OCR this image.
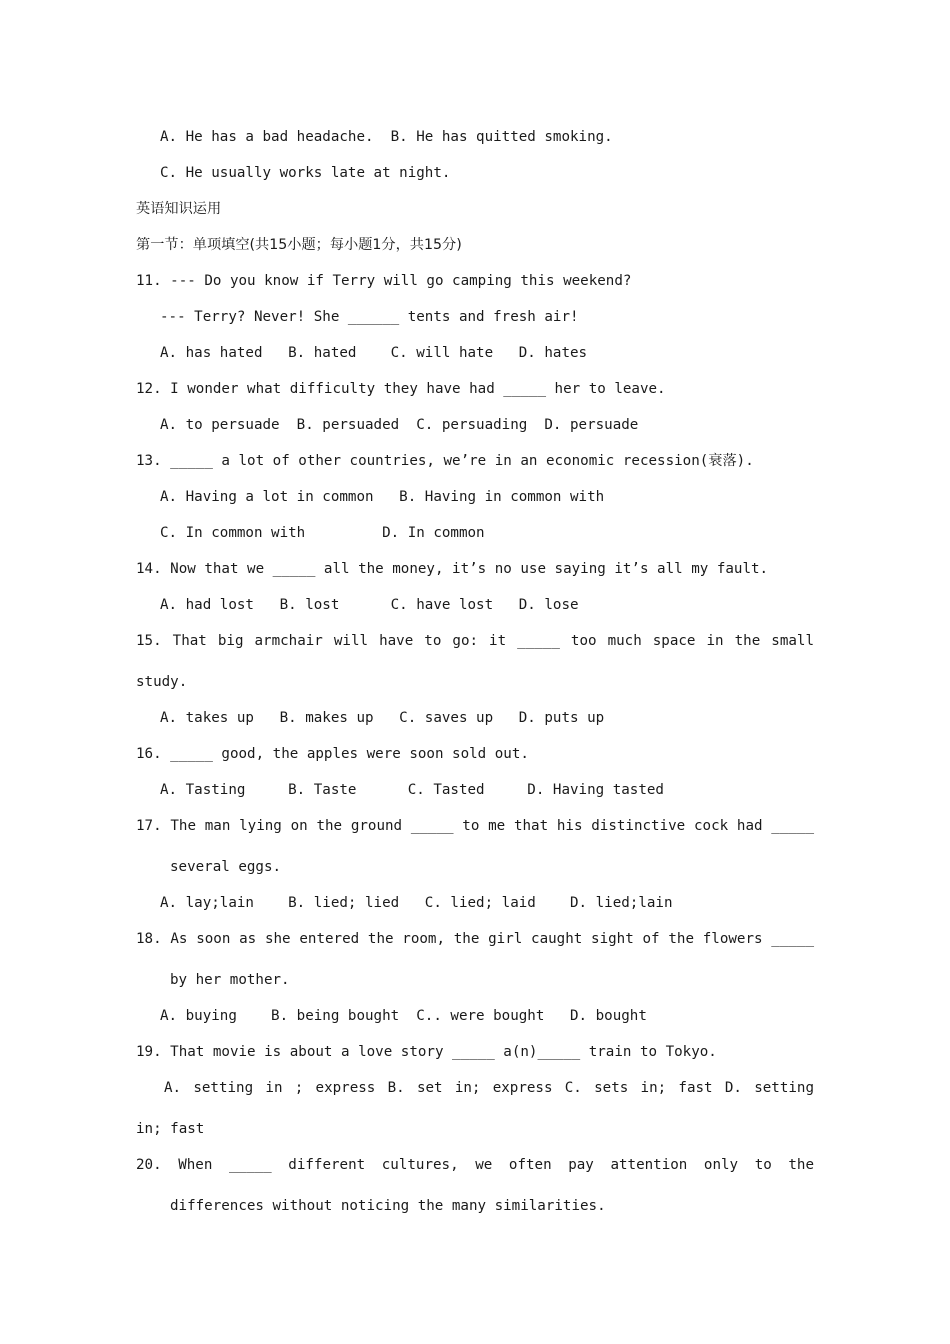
A. He has a bad headache.  B. He has quitted smoking.
C. He usually works late at night.
英语知识运用
第一节：单项填空(共15小题；每小题1分，共15分)
11. --- Do you know if Terry will go camping this weekend?
--- Terry? Never! She ______ tents and fresh air!
A. has hated   B. hated    C. will hate   D. hates
12. I wonder what difficulty they have had _____ her to leave.
A. to persuade  B. persuaded  C. persuading  D. persuade
13. _____ a lot of other countries, we’re in an economic recession(衰落).
A. Having a lot in common   B. Having in common with
C. In common with         D. In common
14. Now that we _____ all the money, it’s no use saying it’s all my fault.
A. had lost   B. lost      C. have lost   D. lose
15. That big armchair will have to go: it _____ too much space in the small
study.
A. takes up   B. makes up   C. saves up   D. puts up
16. _____ good, the apples were soon sold out.
A. Tasting     B. Taste      C. Tasted     D. Having tasted
17. The man lying on the ground _____ to me that his distinctive cock had _____
several eggs.
A. lay;lain    B. lied; lied   C. lied; laid    D. lied;lain
18. As soon as she entered the room, the girl caught sight of the flowers _____
by her mother.
A. buying    B. being bought  C.. were bought   D. bought
19. That movie is about a love story _____ a(n)_____ train to Tokyo.
A. setting in ; express B. set in; express C. sets in; fast D. setting
in; fast
20. When _____ different cultures, we often pay attention only to the
differences without noticing the many similarities.
